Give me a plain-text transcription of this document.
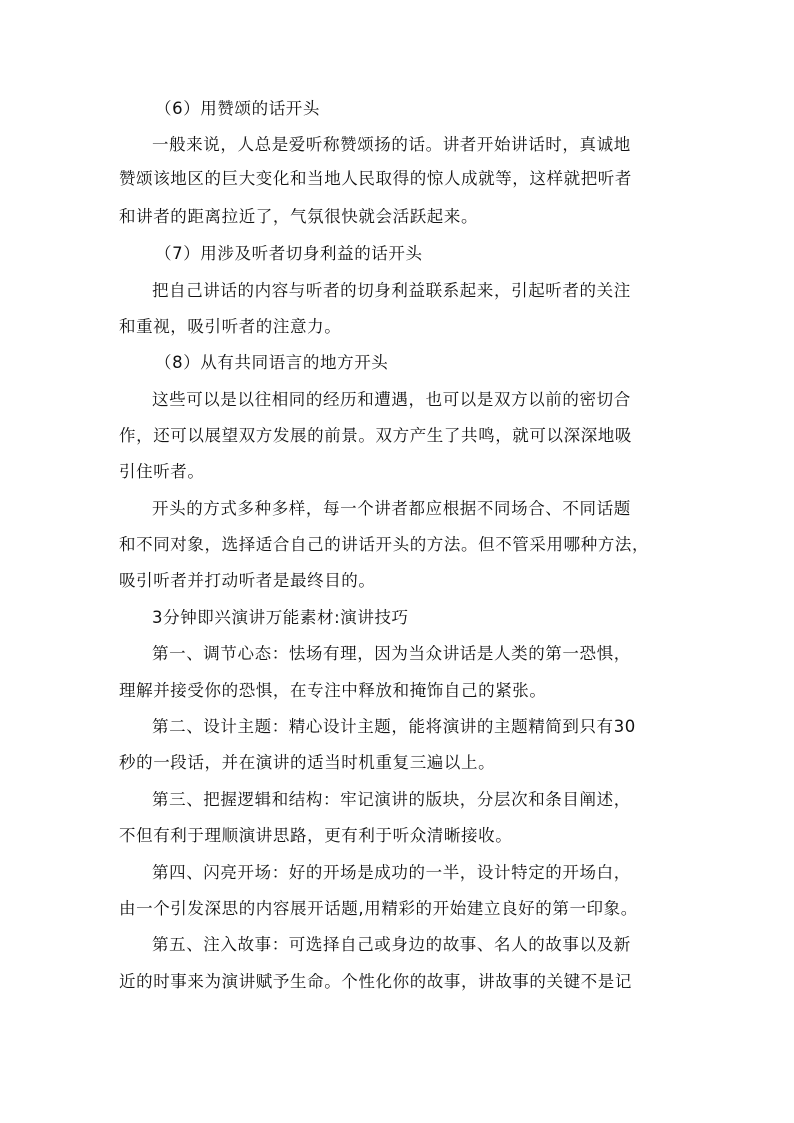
（6）用赞颂的话开头
一般来说，人总是爱听称赞颂扬的话。讲者开始讲话时，真诚地
赞颂该地区的巨大变化和当地人民取得的惊人成就等，这样就把听者
和讲者的距离拉近了，气氛很快就会活跃起来。
（7）用涉及听者切身利益的话开头
把自己讲话的内容与听者的切身利益联系起来，引起听者的关注
和重视，吸引听者的注意力。
（8）从有共同语言的地方开头
这些可以是以往相同的经历和遭遇，也可以是双方以前的密切合
作，还可以展望双方发展的前景。双方产生了共鸣，就可以深深地吸
引住听者。
开头的方式多种多样，每一个讲者都应根据不同场合、不同话题
和不同对象，选择适合自己的讲话开头的方法。但不管采用哪种方法，
吸引听者并打动听者是最终目的。
3分钟即兴演讲万能素材:演讲技巧
第一、调节心态：怯场有理，因为当众讲话是人类的第一恐惧，
理解并接受你的恐惧，在专注中释放和掩饰自己的紧张。
第二、设计主题：精心设计主题，能将演讲的主题精简到只有30
秒的一段话，并在演讲的适当时机重复三遍以上。
第三、把握逻辑和结构：牢记演讲的版块，分层次和条目阐述，
不但有利于理顺演讲思路，更有利于听众清晰接收。
第四、闪亮开场：好的开场是成功的一半，设计特定的开场白，
由一个引发深思的内容展开话题,用精彩的开始建立良好的第一印象。
第五、注入故事：可选择自己或身边的故事、名人的故事以及新
近的时事来为演讲赋予生命。个性化你的故事，讲故事的关键不是记
